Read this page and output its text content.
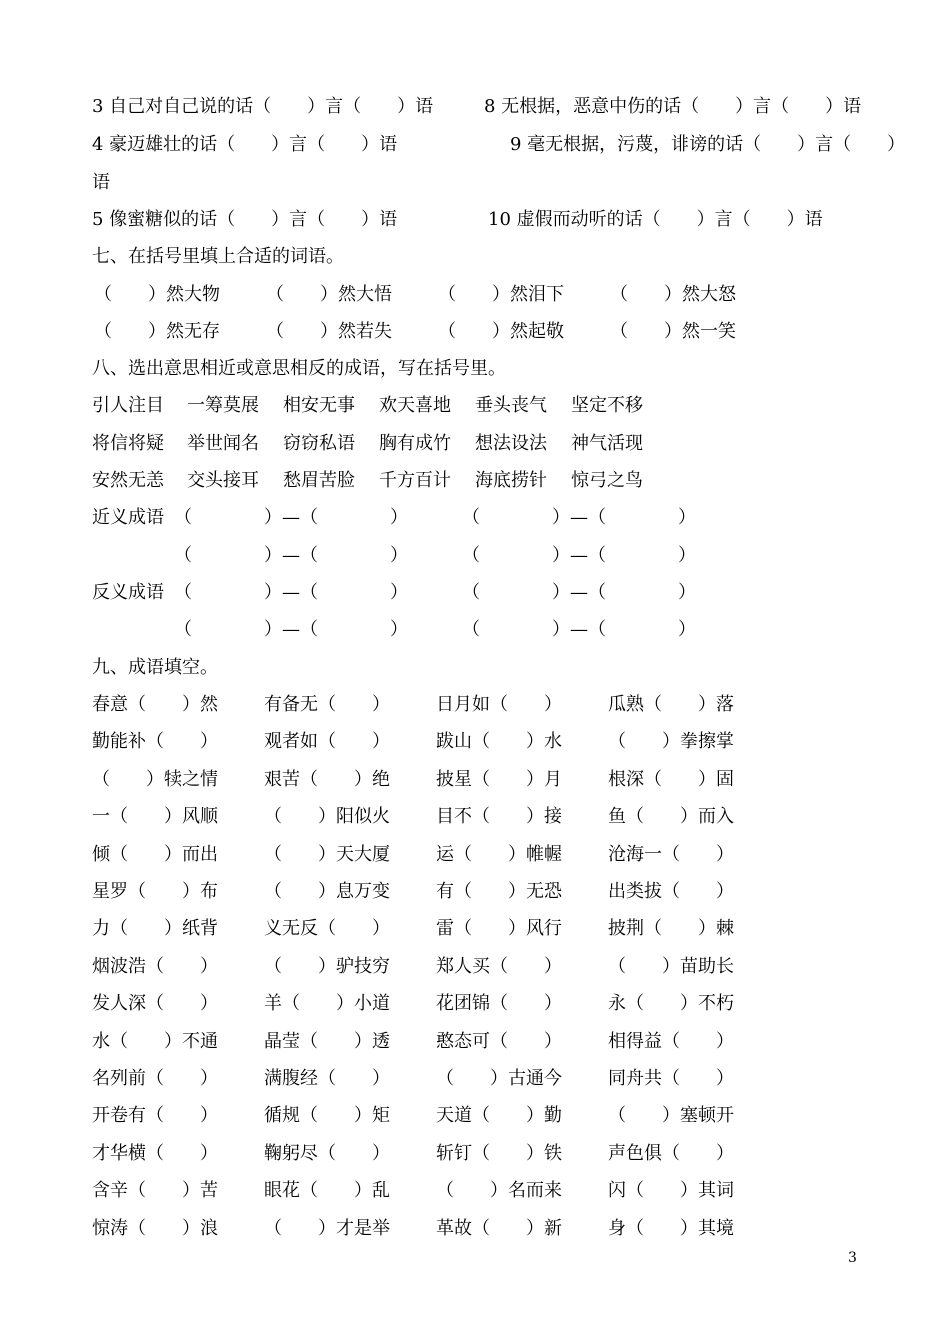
3 自己对自己说的话（　　）言（　　）语	8 无根据，恶意中伤的话（　　）言（　　）语
4 豪迈雄壮的话（　　）言（　　）语	9 毫无根据，污蔑，诽谤的话（　　）言（　　）
语
5 像蜜糖似的话（　　）言（　　）语	10 虚假而动听的话（　　）言（　　）语
七、在括号里填上合适的词语。
（　　）然大物	（　　）然大悟	（　　）然泪下	（　　）然大怒
（　　）然无存	（　　）然若失	（　　）然起敬	（　　）然一笑
八、选出意思相近或意思相反的成语，写在括号里。
引人注目 一筹莫展 相安无事 欢天喜地 垂头丧气 坚定不移
将信将疑 举世闻名 窃窃私语 胸有成竹 想法设法 神气活现
安然无恙 交头接耳 愁眉苦脸 千方百计 海底捞针 惊弓之鸟
近义成语 （　　　　）—（　　　　）	（　　　　）—（　　　　）
（　　　　）—（　　　　）	（　　　　）—（　　　　）
反义成语 （　　　　）—（　　　　）	（　　　　）—（　　　　）
（　　　　）—（　　　　）	（　　　　）—（　　　　）
九、成语填空。
春意（　　）然	有备无（　　）	日月如（　　）	瓜熟（　　）落
勤能补（　　）	观者如（　　）	跋山（　　）水	（　　）拳擦掌
（　　）犊之情	艰苦（　　）绝	披星（　　）月	根深（　　）固
一（　　）风顺	（　　）阳似火	目不（　　）接	鱼（　　）而入
倾（　　）而出	（　　）天大厦	运（　　）帷幄	沧海一（　　）
星罗（　　）布	（　　）息万变	有（　　）无恐	出类拔（　　）
力（　　）纸背	义无反（　　）	雷（　　）风行	披荆（　　）棘
烟波浩（　　）	（　　）驴技穷	郑人买（　　）	（　　）苗助长
发人深（　　）	羊（　　）小道	花团锦（　　）	永（　　）不朽
水（　　）不通	晶莹（　　）透	憨态可（　　）	相得益（　　）
名列前（　　）	满腹经（　　）	（　　）古通今	同舟共（　　）
开卷有（　　）	循规（　　）矩	天道（　　）勤	（　　）塞顿开
才华横（　　）	鞠躬尽（　　）	斩钉（　　）铁	声色俱（　　）
含辛（　　）苦	眼花（　　）乱	（　　）名而来	闪（　　）其词
惊涛（　　）浪	（　　）才是举	革故（　　）新	身（　　）其境
3
